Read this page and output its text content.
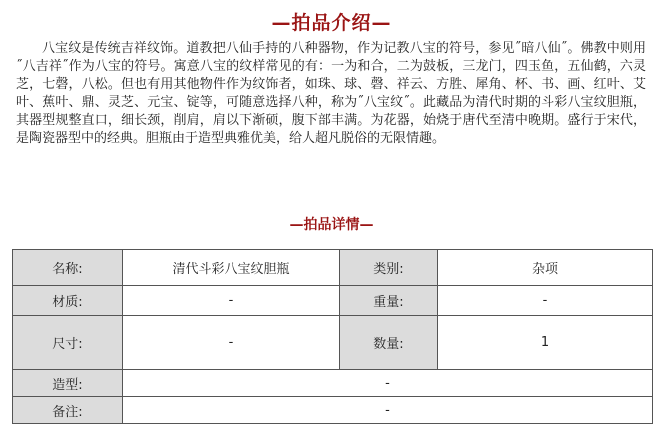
—拍品介绍—

八宝纹是传统吉祥纹饰。道教把八仙手持的八种器物，作为记教八宝的符号，参见˝暗八仙˝。佛教中则用˝八吉祥˝作为八宝的符号。寓意八宝的纹样常见的有：一为和合，二为鼓板，三龙门，四玉鱼，五仙鹤，六灵芝，七磬，八松。但也有用其他物件作为纹饰者，如珠、球、磬、祥云、方胜、犀角、杯、书、画、红叶、艾叶、蕉叶、鼎、灵芝、元宝、锭等，可随意选择八种，称为˝八宝纹˝。此藏品为清代时期的斗彩八宝纹胆瓶，其器型规整直口，细长颈，削肩，肩以下渐硕，腹下部丰满。为花器，始烧于唐代至清中晚期。盛行于宋代，是陶瓷器型中的经典。胆瓶由于造型典雅优美，给人超凡脱俗的无限情趣。

—拍品详情—
名称:	清代斗彩八宝纹胆瓶	类别:	杂项
材质:	-	重量:	-
尺寸:	-	数量:	1
造型:	-		
备注:	-		
